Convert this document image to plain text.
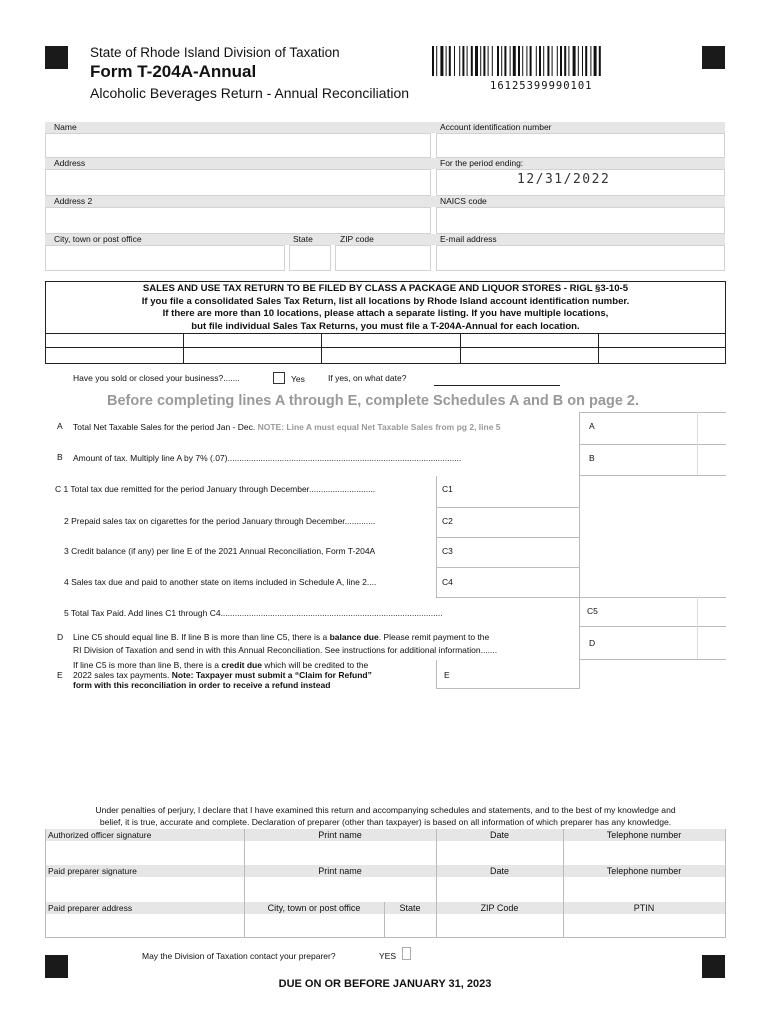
State of Rhode Island Division of Taxation
Form T-204A-Annual
Alcoholic Beverages Return - Annual Reconciliation	16125399990101
Name	Account identification number
Address	For the period ending:
12/31/2022
Address 2	NAICS code
City, town or post office	State	ZIP code	E-mail address
SALES AND USE TAX RETURN TO BE FILED BY CLASS A PACKAGE AND LIQUOR STORES - RIGL §3-10-5
If you file a consolidated Sales Tax Return, list all locations by Rhode Island account identification number.
If there are more than 10 locations, please attach a separate listing. If you have multiple locations,
but file individual Sales Tax Returns, you must file a T-204A-Annual for each location.
Have you sold or closed your business?.......	Yes	If yes, on what date?
Before completing lines A through E, complete Schedules A and B on page 2.
A Total Net Taxable Sales for the period Jan - Dec. NOTE: Line A must equal Net Taxable Sales from pg 2, line 5	A
B Amount of tax. Multiply line A by 7% (.07)...................................................................................................	B
C 1 Total tax due remitted for the period January through December............................	C1
2 Prepaid sales tax on cigarettes for the period January through December.............	C2
3 Credit balance (if any) per line E of the 2021 Annual Reconciliation, Form T-204A	C3
4 Sales tax due and paid to another state on items included in Schedule A, line 2....	C4
5 Total Tax Paid. Add lines C1 through C4..............................................................................................	C5
D Line C5 should equal line B. If line B is more than line C5, there is a balance due. Please remit payment to the
RI Division of Taxation and send in with this Annual Reconciliation. See instructions for additional information.......
D
E
If line C5 is more than line B, there is a credit due which will be credited to the
2022 sales tax payments. Note: Taxpayer must submit a “Claim for Refund”
form with this reconciliation in order to receive a refund instead
E
Under penalties of perjury, I declare that I have examined this return and accompanying schedules and statements, and to the best of my knowledge and
belief, it is true, accurate and complete. Declaration of preparer (other than taxpayer) is based on all information of which preparer has any knowledge.
Authorized officer signature	Print name	Date	Telephone number
Paid preparer signature	Print name	Date	Telephone number
Paid preparer address	City, town or post office	State	ZIP Code	PTIN
May the Division of Taxation contact your preparer?	YES
DUE ON OR BEFORE JANUARY 31, 2023
